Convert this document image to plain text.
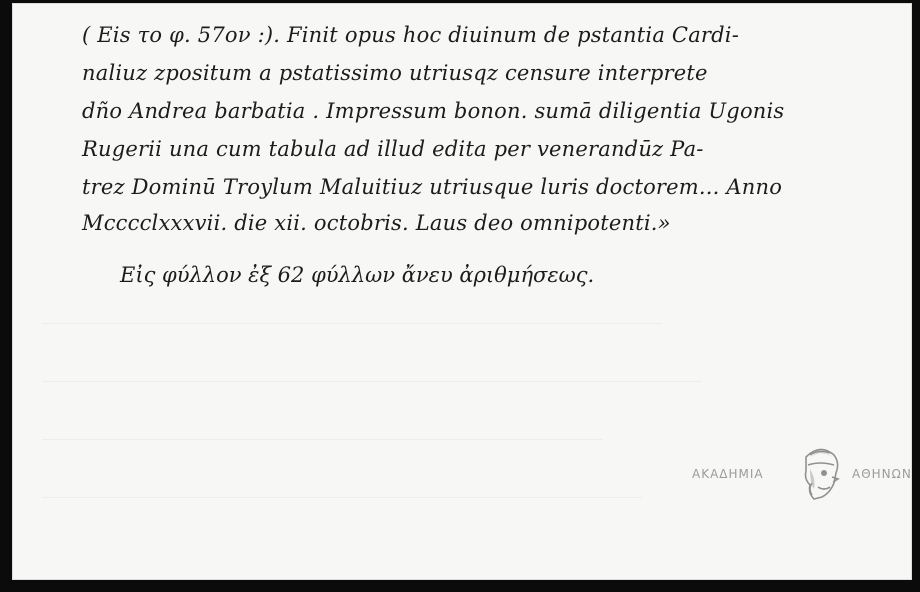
( Eis το φ. 57ον :). Finit opus hoc diuinum de pstantia Cardi-

naliuz zpositum a pstatissimo utriusqz censure interprete

dño Andrea barbatia . Impressum bonon. sumā diligentia Ugonis

Rugerii una cum tabula ad illud edita per venerandūz Pa-

trez Dominū Troylum Maluitiuz utriusque luris doctorem... Anno

Mcccclxxxvii. die xii. octobris. Laus deo omnipotenti.»

Εἰς φύλλον ἐξ 62 φύλλων ἄνευ ἀριθμήσεως.

ΑΚΑΔΗΜΙΑ	ΑΘΗΝΩΝ
